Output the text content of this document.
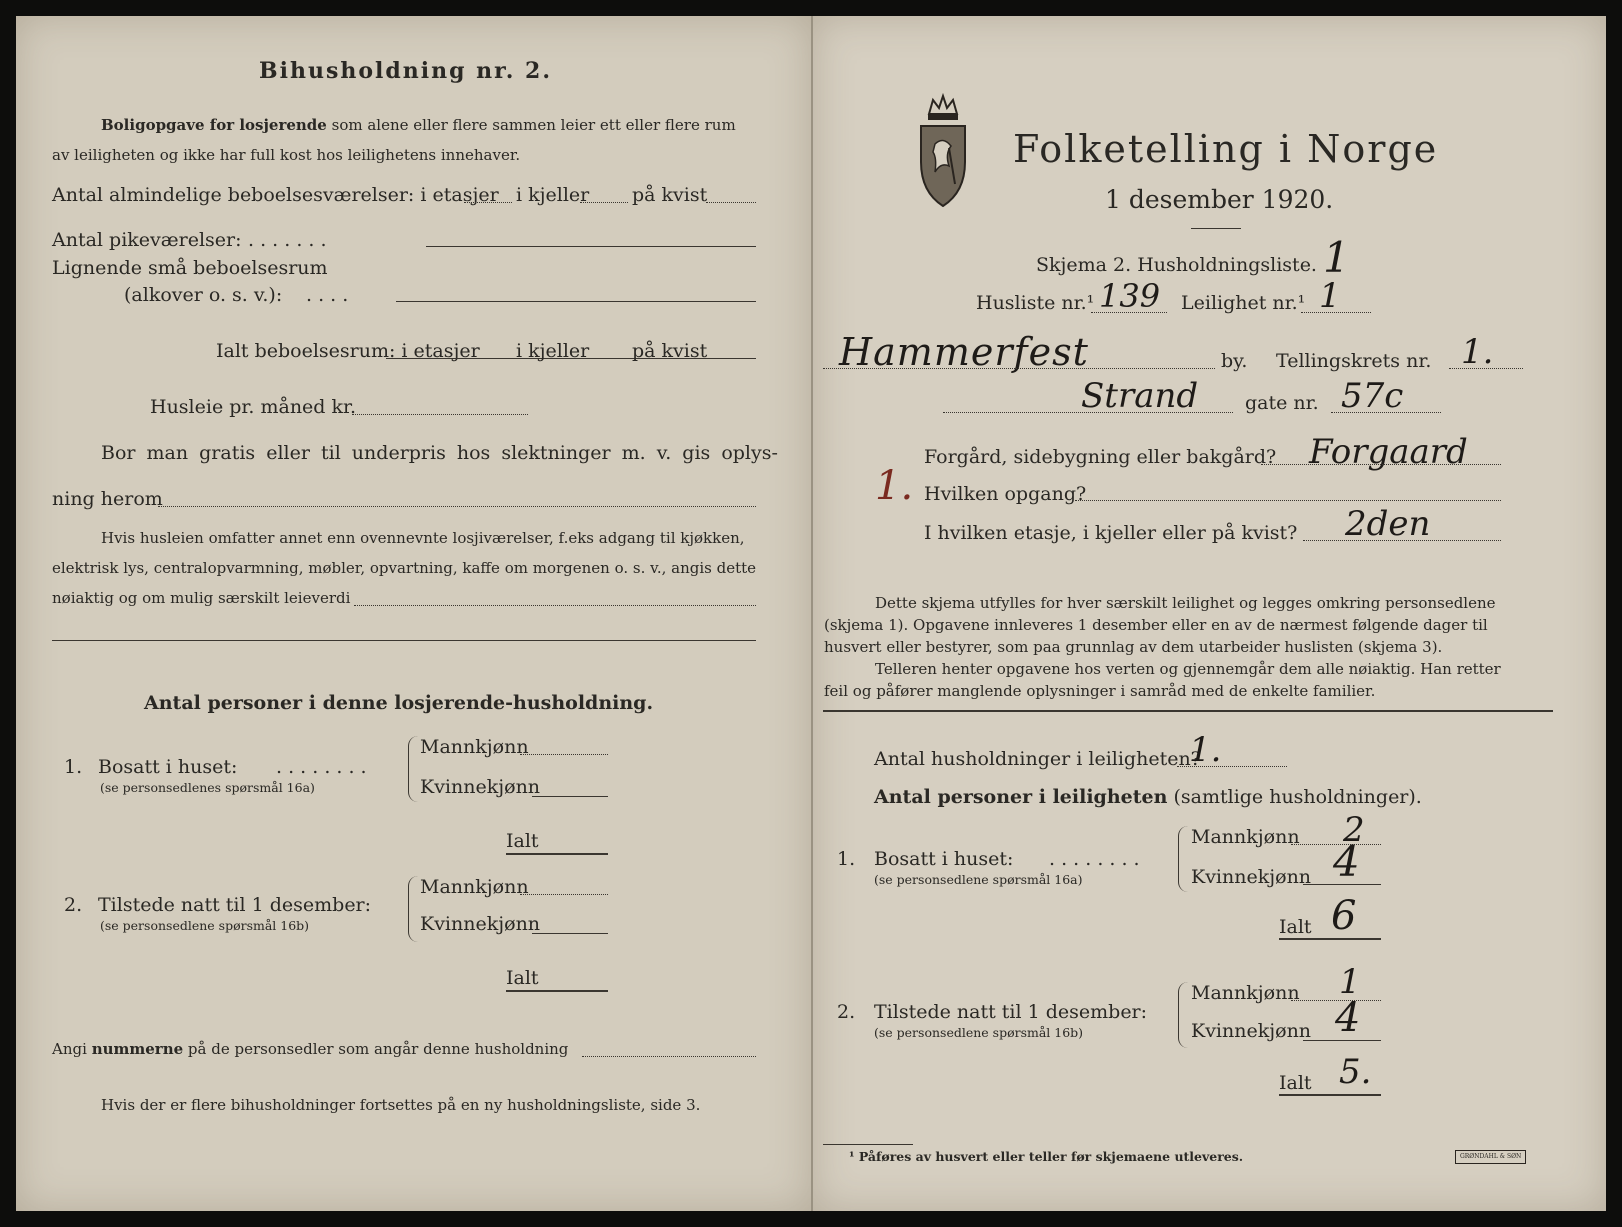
Bihusholdning nr. 2.
Boligopgave for losjerende som alene eller flere sammen leier ett eller flere rum
av leiligheten og ikke har full kost hos leilighetens innehaver.
Antal almindelige beboelsesværelser: i etasjer i kjeller på kvist
Antal pikeværelser: . . . . . . .
Lignende små beboelsesrum
(alkover o. s. v.): . . . .
Ialt beboelsesrum: i etasjer i kjeller på kvist
Husleie pr. måned kr.
Bor man gratis eller til underpris hos slektninger m. v. gis oplys-
ning herom
Hvis husleien omfatter annet enn ovennevnte losjiværelser, f.eks adgang til kjøkken,
elektrisk lys, centralopvarmning, møbler, opvartning, kaffe om morgenen o. s. v., angis dette
nøiaktig og om mulig særskilt leieverdi
Antal personer i denne losjerende-husholdning.
1. Bosatt i huset: . . . . . . . .
(se personsedlenes spørsmål 16a)
Mannkjønn
Kvinnekjønn
Ialt
2. Tilstede natt til 1 desember:
(se personsedlene spørsmål 16b)
Mannkjønn
Kvinnekjønn
Ialt
Angi nummerne på de personsedler som angår denne husholdning
Hvis der er flere bihusholdninger fortsettes på en ny husholdningsliste, side 3.
Folketelling i Norge
1 desember 1920.
Skjema 2. Husholdningsliste. 1
Husliste nr.¹ 139 Leilighet nr.¹ 1
Hammerfest	by. Tellingskrets nr. 1.
Strand gate nr. 57c
1.
Forgård, sidebygning eller bakgård? Forgaard
Hvilken opgang?
I hvilken etasje, i kjeller eller på kvist? 2den
Dette skjema utfylles for hver særskilt leilighet og legges omkring personsedlene
(skjema 1). Opgavene innleveres 1 desember eller en av de nærmest følgende dager til
husvert eller bestyrer, som paa grunnlag av dem utarbeider huslisten (skjema 3).
Telleren henter opgavene hos verten og gjennemgår dem alle nøiaktig. Han retter
feil og påfører manglende oplysninger i samråd med de enkelte familier.
Antal husholdninger i leiligheten?
1.
Antal personer i leiligheten (samtlige husholdninger).
1. Bosatt i huset: . . . . . . . .
(se personsedlene spørsmål 16a)
Mannkjønn 2
Kvinnekjønn 4
Ialt 6
2. Tilstede natt til 1 desember:
(se personsedlene spørsmål 16b)
Mannkjønn 1
Kvinnekjønn 4
Ialt 5.
¹ Påføres av husvert eller teller før skjemaene utleveres.	GRØNDAHL & SØN
